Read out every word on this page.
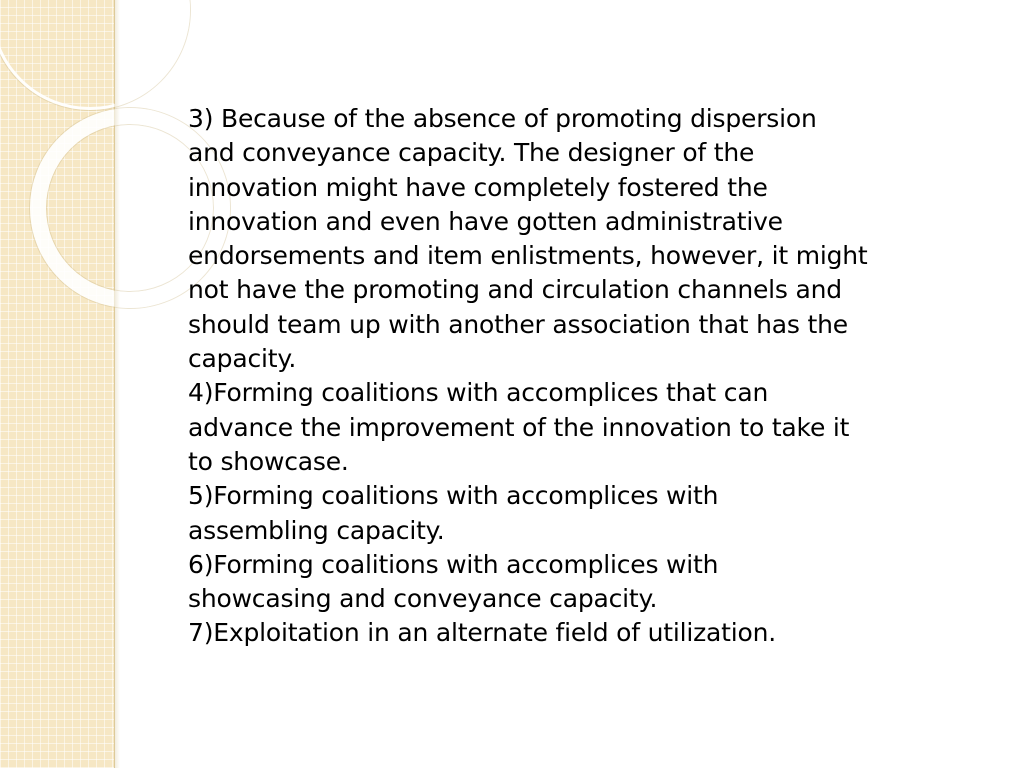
3) Because of the absence of promoting dispersion
and conveyance capacity. The designer of the
innovation might have completely fostered the
innovation and even have gotten administrative
endorsements and item enlistments, however, it might
not have the promoting and circulation channels and
should team up with another association that has the
capacity.
4)Forming coalitions with accomplices that can
advance the improvement of the innovation to take it
to showcase.
5)Forming coalitions with accomplices with
assembling capacity.
6)Forming coalitions with accomplices with
showcasing and conveyance capacity.
7)Exploitation in an alternate field of utilization.
